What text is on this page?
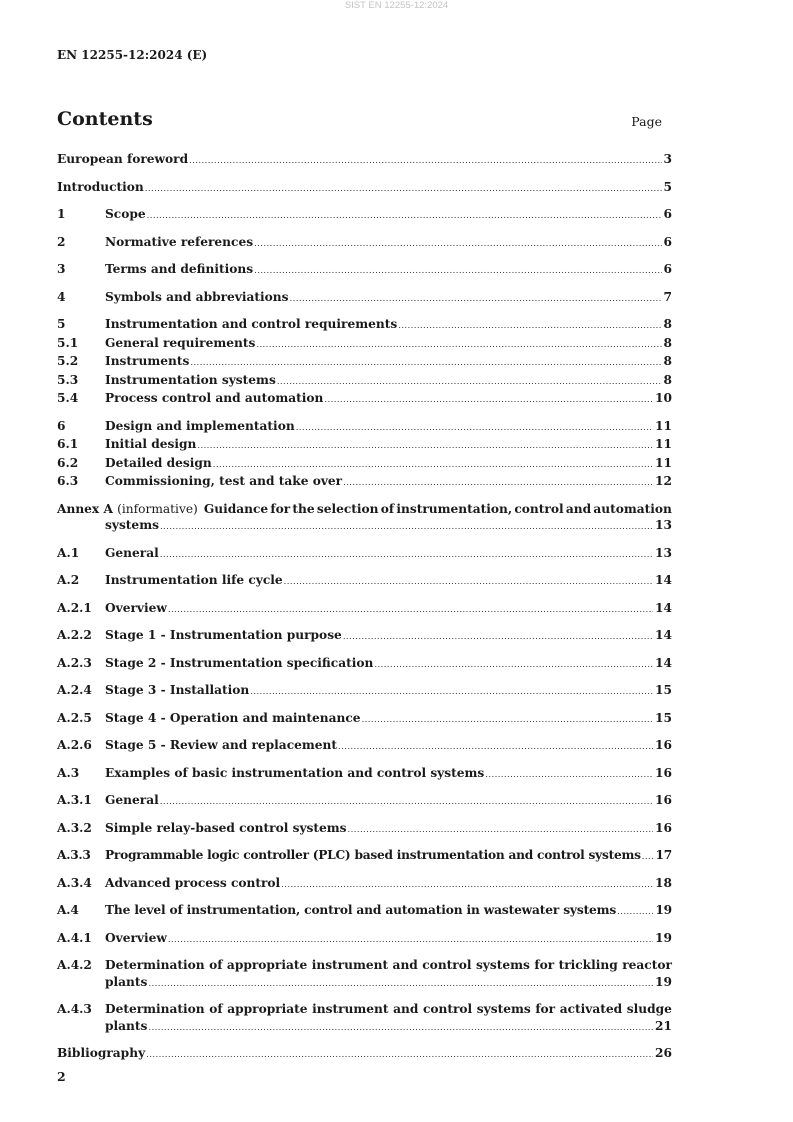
SIST EN 12255-12:2024
EN 12255-12:2024 (E)
Contents	Page
European foreword .....	3
Introduction .....	5
1	Scope .....	6
2	Normative references .....	6
3	Terms and definitions .....	6
4	Symbols and abbreviations .....	7
5	Instrumentation and control requirements .....	8
5.1	General requirements .....	8
5.2	Instruments .....	8
5.3	Instrumentation systems .....	8
5.4	Process control and automation .....	10
6	Design and implementation .....	11
6.1	Initial design .....	11
6.2	Detailed design .....	11
6.3	Commissioning, test and take over .....	12
Annex A
(informative) Guidance for the selection of instrumentation, control and automation
systems .....	13
A.1	General .....	13
A.2	Instrumentation life cycle .....	14
A.2.1	Overview .....	14
A.2.2	Stage 1 - Instrumentation purpose .....	14
A.2.3	Stage 2 - Instrumentation specification .....	14
A.2.4	Stage 3 - Installation .....	15
A.2.5	Stage 4 - Operation and maintenance .....	15
A.2.6	Stage 5 - Review and replacement .....	16
A.3	Examples of basic instrumentation and control systems .....	16
A.3.1	General .....	16
A.3.2	Simple relay-based control systems .....	16
A.3.3	Programmable logic controller (PLC) based instrumentation and control systems ..... 17
A.3.4	Advanced process control .....	18
A.4	The level of instrumentation, control and automation in wastewater systems .....	19
A.4.1	Overview .....	19
A.4.2	Determination of appropriate instrument and control systems for trickling reactor
plants .....	19
A.4.3	Determination of appropriate instrument and control systems for activated sludge
plants .....	21
Bibliography .....	26
2
